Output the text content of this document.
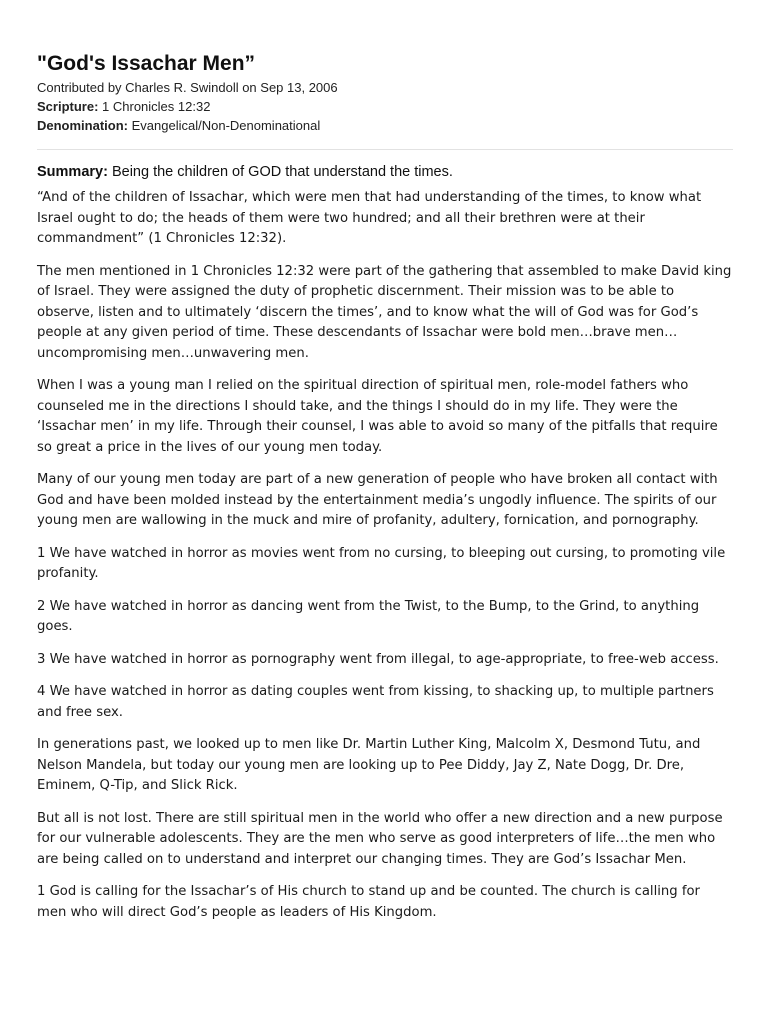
"God's Issachar Men”
Contributed by Charles R. Swindoll on Sep 13, 2006
Scripture: 1 Chronicles 12:32
Denomination: Evangelical/Non-Denominational

Summary: Being the children of GOD that understand the times.

“And of the children of Issachar, which were men that had understanding of the times, to know what Israel ought to do; the heads of them were two hundred; and all their brethren were at their commandment” (1 Chronicles 12:32).

The men mentioned in 1 Chronicles 12:32 were part of the gathering that assembled to make David king of Israel. They were assigned the duty of prophetic discernment. Their mission was to be able to observe, listen and to ultimately ‘discern the times’, and to know what the will of God was for God’s people at any given period of time. These descendants of Issachar were bold men…brave men… uncompromising men…unwavering men.

When I was a young man I relied on the spiritual direction of spiritual men, role-model fathers who counseled me in the directions I should take, and the things I should do in my life. They were the ‘Issachar men’ in my life. Through their counsel, I was able to avoid so many of the pitfalls that require so great a price in the lives of our young men today.

Many of our young men today are part of a new generation of people who have broken all contact with God and have been molded instead by the entertainment media’s ungodly influence. The spirits of our young men are wallowing in the muck and mire of profanity, adultery, fornication, and pornography.

1 We have watched in horror as movies went from no cursing, to bleeping out cursing, to promoting vile profanity.

2 We have watched in horror as dancing went from the Twist, to the Bump, to the Grind, to anything goes.

3 We have watched in horror as pornography went from illegal, to age-appropriate, to free-web access.

4 We have watched in horror as dating couples went from kissing, to shacking up, to multiple partners and free sex.

In generations past, we looked up to men like Dr. Martin Luther King, Malcolm X, Desmond Tutu, and Nelson Mandela, but today our young men are looking up to Pee Diddy, Jay Z, Nate Dogg, Dr. Dre, Eminem, Q-Tip, and Slick Rick.

But all is not lost. There are still spiritual men in the world who offer a new direction and a new purpose for our vulnerable adolescents. They are the men who serve as good interpreters of life…the men who are being called on to understand and interpret our changing times. They are God’s Issachar Men.

1 God is calling for the Issachar’s of His church to stand up and be counted. The church is calling for men who will direct God’s people as leaders of His Kingdom.
